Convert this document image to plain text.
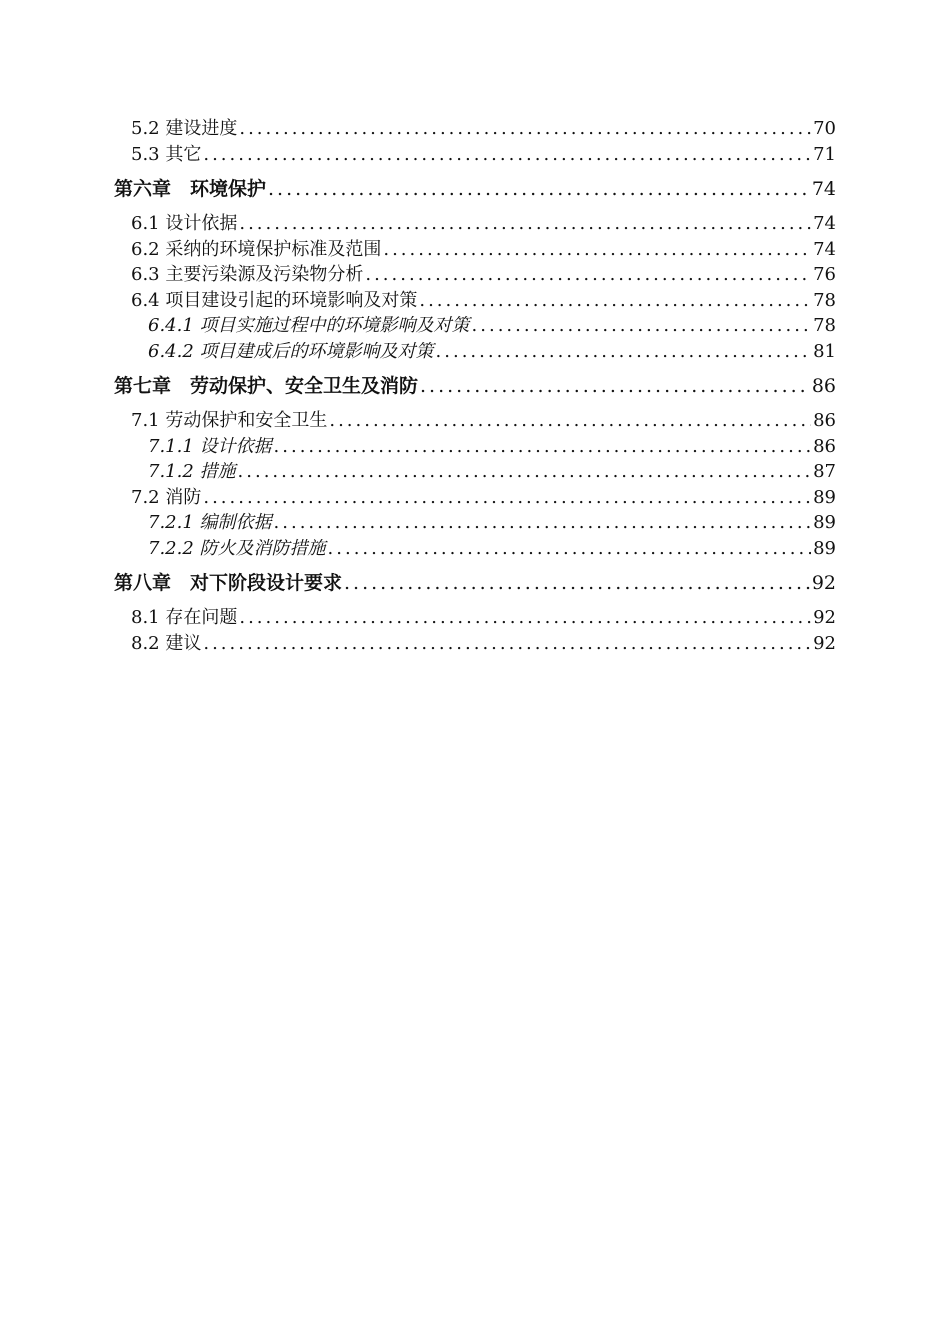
5.2 建设进度 .....	70
5.3 其它 .....	71
第六章　环境保护 .....	74
6.1 设计依据 .....	74
6.2 采纳的环境保护标准及范围 .....	74
6.3 主要污染源及污染物分析 .....	76
6.4 项目建设引起的环境影响及对策 .....	78
6.4.1 项目实施过程中的环境影响及对策 .....	78
6.4.2 项目建成后的环境影响及对策 .....	81
第七章　劳动保护、安全卫生及消防 .....	86
7.1 劳动保护和安全卫生 .....	86
7.1.1 设计依据 .....	86
7.1.2 措施 .....	87
7.2 消防 .....	89
7.2.1 编制依据 .....	89
7.2.2 防火及消防措施 .....	89
第八章　对下阶段设计要求 .....	92
8.1 存在问题 .....	92
8.2 建议 .....	92
